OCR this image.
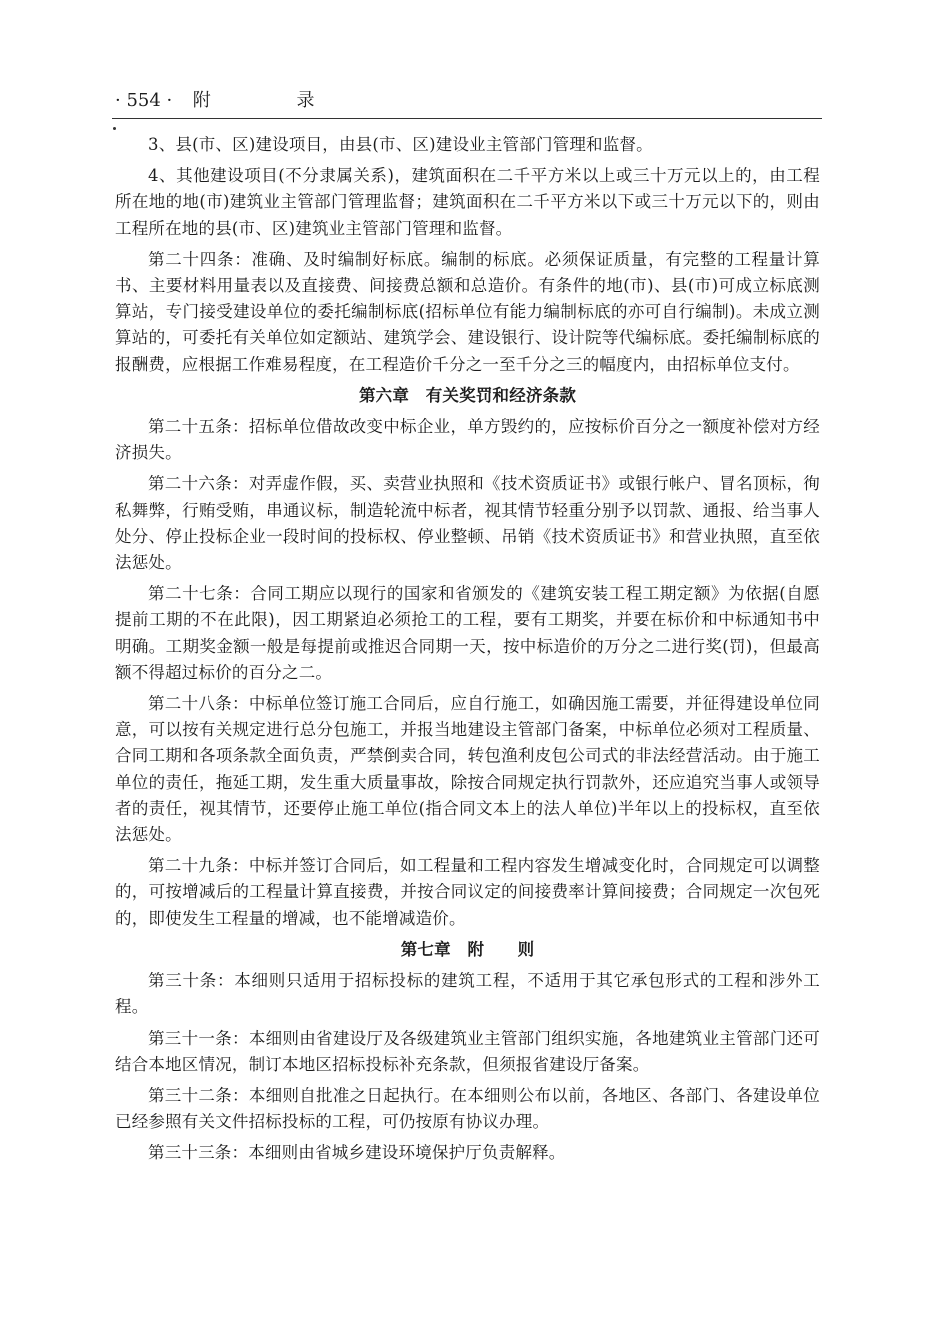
· 554 · 附 录

3、县(市、区)建设项目，由县(市、区)建设业主管部门管理和监督。

4、其他建设项目(不分隶属关系)，建筑面积在二千平方米以上或三十万元以上的，由工程所在地的地(市)建筑业主管部门管理监督；建筑面积在二千平方米以下或三十万元以下的，则由工程所在地的县(市、区)建筑业主管部门管理和监督。

第二十四条：准确、及时编制好标底。编制的标底。必须保证质量，有完整的工程量计算书、主要材料用量表以及直接费、间接费总额和总造价。有条件的地(市)、县(市)可成立标底测算站，专门接受建设单位的委托编制标底(招标单位有能力编制标底的亦可自行编制)。未成立测算站的，可委托有关单位如定额站、建筑学会、建设银行、设计院等代编标底。委托编制标底的报酬费，应根据工作难易程度，在工程造价千分之一至千分之三的幅度内，由招标单位支付。

第六章　有关奖罚和经济条款

第二十五条：招标单位借故改变中标企业，单方毁约的，应按标价百分之一额度补偿对方经济损失。

第二十六条：对弄虚作假，买、卖营业执照和《技术资质证书》或银行帐户、冒名顶标，徇私舞弊，行贿受贿，串通议标，制造轮流中标者，视其情节轻重分别予以罚款、通报、给当事人处分、停止投标企业一段时间的投标权、停业整顿、吊销《技术资质证书》和营业执照，直至依法惩处。

第二十七条：合同工期应以现行的国家和省颁发的《建筑安装工程工期定额》为依据(自愿提前工期的不在此限)，因工期紧迫必须抢工的工程，要有工期奖，并要在标价和中标通知书中明确。工期奖金额一般是每提前或推迟合同期一天，按中标造价的万分之二进行奖(罚)，但最高额不得超过标价的百分之二。

第二十八条：中标单位签订施工合同后，应自行施工，如确因施工需要，并征得建设单位同意，可以按有关规定进行总分包施工，并报当地建设主管部门备案，中标单位必须对工程质量、合同工期和各项条款全面负责，严禁倒卖合同，转包渔利皮包公司式的非法经营活动。由于施工单位的责任，拖延工期，发生重大质量事故，除按合同规定执行罚款外，还应追究当事人或领导者的责任，视其情节，还要停止施工单位(指合同文本上的法人单位)半年以上的投标权，直至依法惩处。

第二十九条：中标并签订合同后，如工程量和工程内容发生增减变化时，合同规定可以调整的，可按增减后的工程量计算直接费，并按合同议定的间接费率计算间接费；合同规定一次包死的，即使发生工程量的增减，也不能增减造价。

第七章　附　　则

第三十条：本细则只适用于招标投标的建筑工程，不适用于其它承包形式的工程和涉外工程。

第三十一条：本细则由省建设厅及各级建筑业主管部门组织实施，各地建筑业主管部门还可结合本地区情况，制订本地区招标投标补充条款，但须报省建设厅备案。

第三十二条：本细则自批准之日起执行。在本细则公布以前，各地区、各部门、各建设单位已经参照有关文件招标投标的工程，可仍按原有协议办理。

第三十三条：本细则由省城乡建设环境保护厅负责解释。
